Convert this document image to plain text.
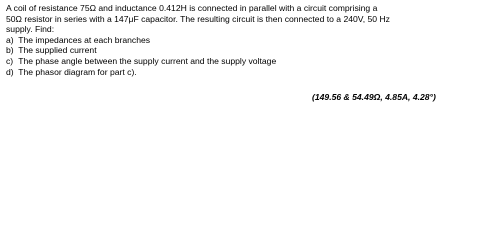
A coil of resistance 75Ω and inductance 0.412H is connected in parallel with a circuit comprising a
50Ω resistor in series with a 147μF capacitor. The resulting circuit is then connected to a 240V, 50 Hz
supply. Find:
a) The impedances at each branches
b) The supplied current
c) The phase angle between the supply current and the supply voltage
d) The phasor diagram for part c).
(149.56 & 54.49Ω, 4.85A, 4.28°)
